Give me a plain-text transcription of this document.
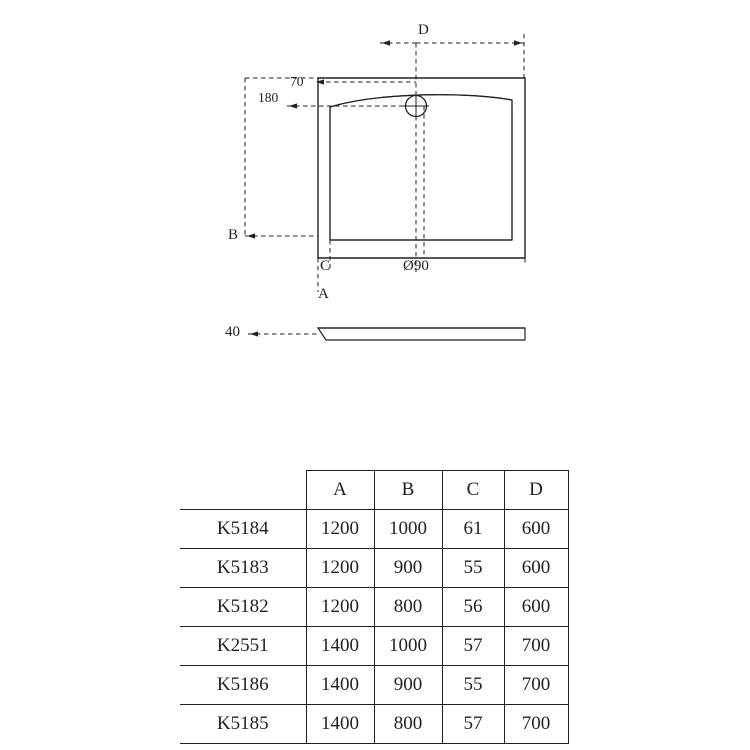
D
70
180
B
C
A
Ø90
40
	A	B	C	D
K5184	1200	1000	61	600
K5183	1200	900	55	600
K5182	1200	800	56	600
K2551	1400	1000	57	700
K5186	1400	900	55	700
K5185	1400	800	57	700
